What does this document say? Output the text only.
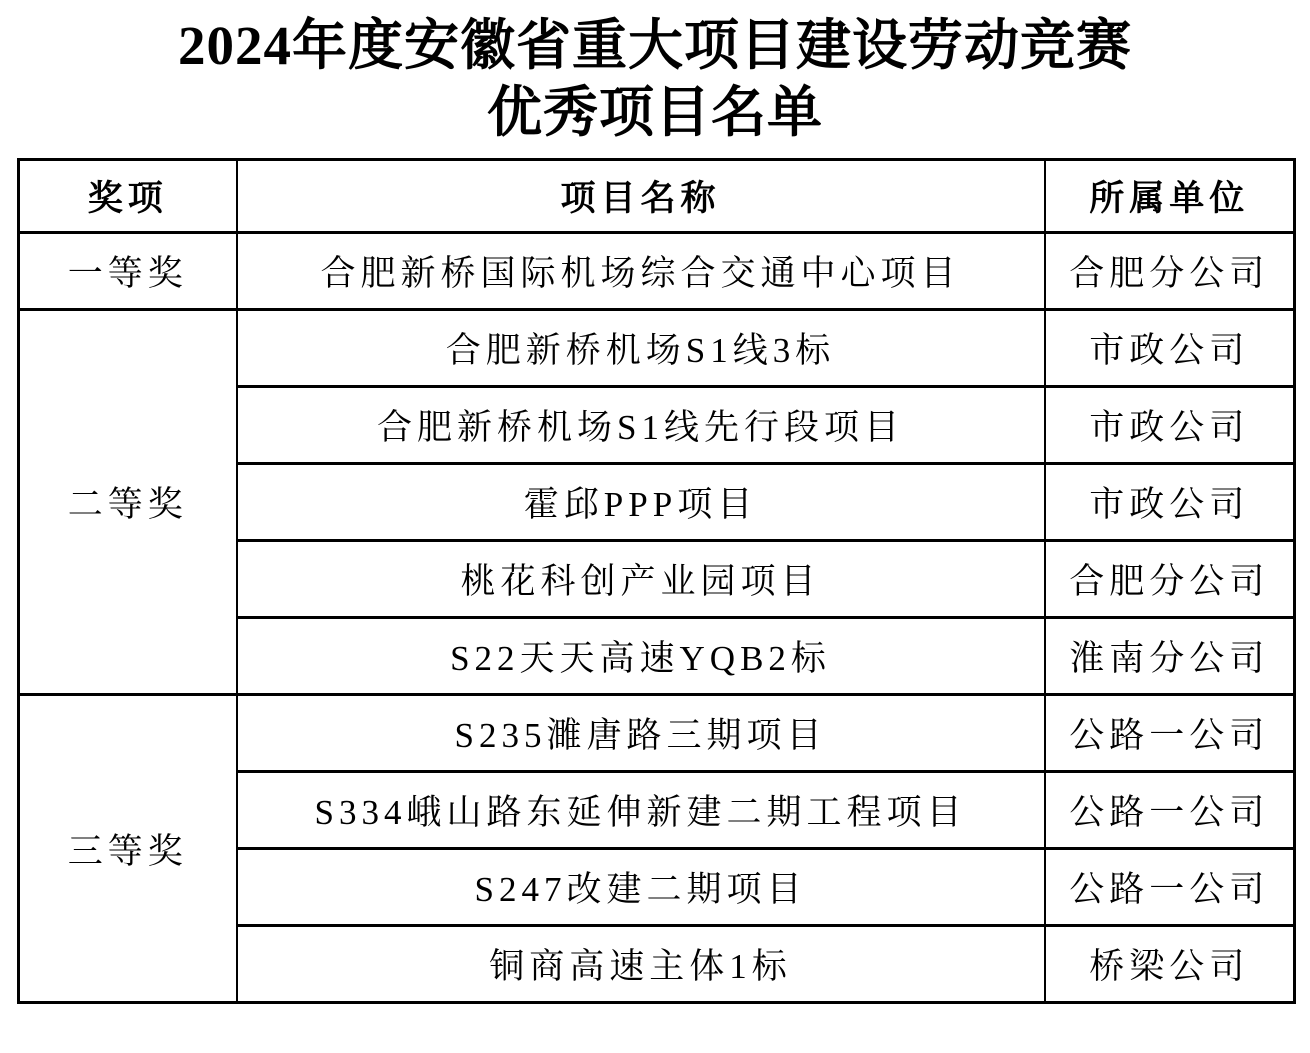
2024年度安徽省重大项目建设劳动竞赛
优秀项目名单
奖项	项目名称	所属单位
一等奖	合肥新桥国际机场综合交通中心项目	合肥分公司
二等奖	合肥新桥机场S1线3标	市政公司
	合肥新桥机场S1线先行段项目	市政公司
	霍邱PPP项目	市政公司
	桃花科创产业园项目	合肥分公司
	S22天天高速YQB2标	淮南分公司
三等奖	S235濉唐路三期项目	公路一公司
	S334峨山路东延伸新建二期工程项目	公路一公司
	S247改建二期项目	公路一公司
	铜商高速主体1标	桥梁公司
